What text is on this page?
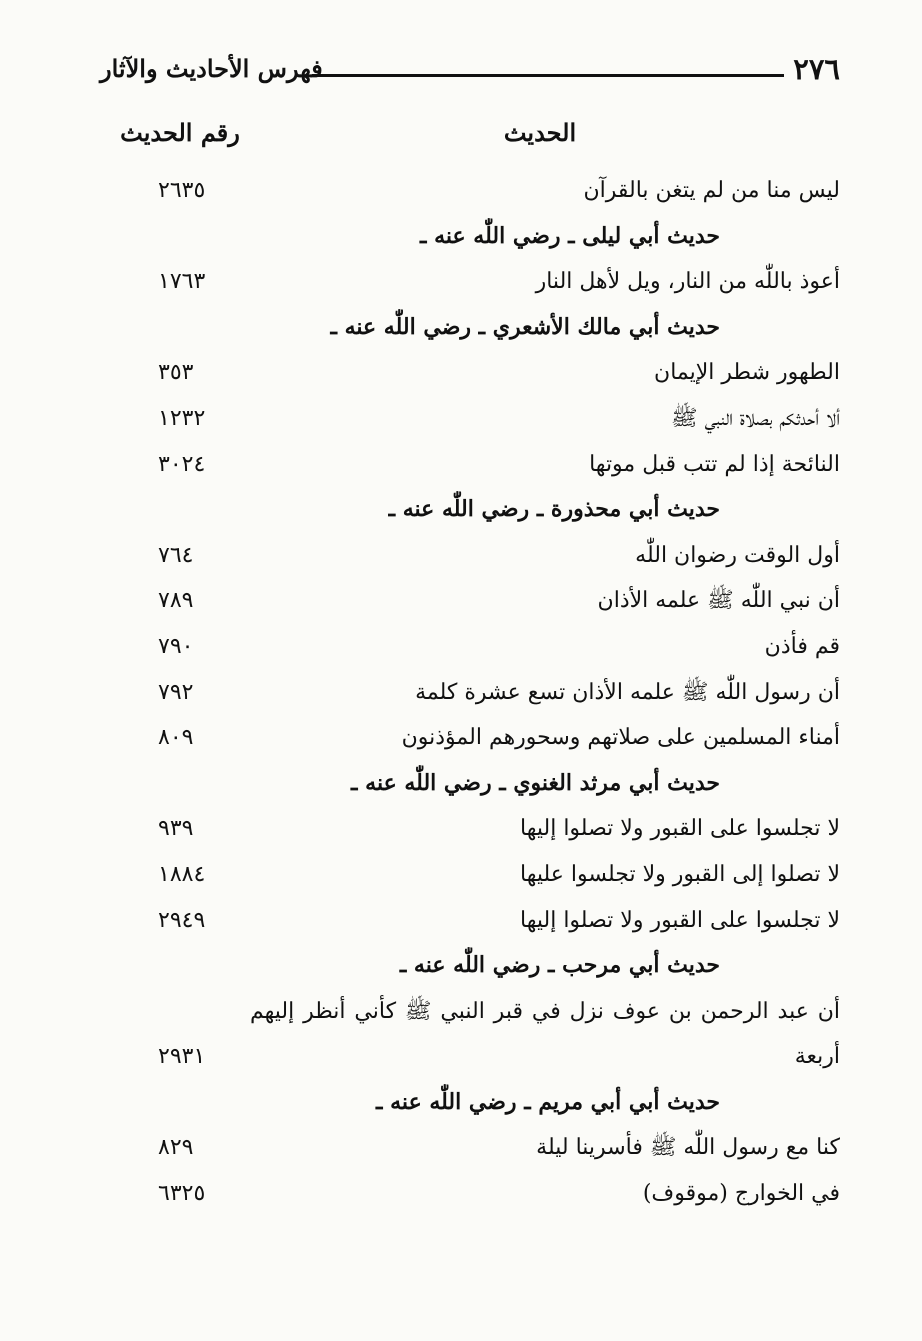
٢٧٦
فهرس الأحاديث والآثار
الحديث
رقم الحديث
ليس منا من لم يتغن بالقرآن
٢٦٣٥
حديث أبي ليلى ـ رضي اللّٰه عنه ـ
أعوذ باللّٰه من النار، ويل لأهل النار
١٧٦٣
حديث أبي مالك الأشعري ـ رضي اللّٰه عنه ـ
الطهور شطر الإيمان
٣٥٣
ألا أحدثكم بصلاة النبي ﷺ
١٢٣٢
النائحة إذا لم تتب قبل موتها
٣٠٢٤
حديث أبي محذورة ـ رضي اللّٰه عنه ـ
أول الوقت رضوان اللّٰه
٧٦٤
أن نبي اللّٰه ﷺ علمه الأذان
٧٨٩
قم فأذن
٧٩٠
أن رسول اللّٰه ﷺ علمه الأذان تسع عشرة كلمة
٧٩٢
أمناء المسلمين على صلاتهم وسحورهم المؤذنون
٨٠٩
حديث أبي مرثد الغنوي ـ رضي اللّٰه عنه ـ
لا تجلسوا على القبور ولا تصلوا إليها
٩٣٩
لا تصلوا إلى القبور ولا تجلسوا عليها
١٨٨٤
لا تجلسوا على القبور ولا تصلوا إليها
٢٩٤٩
حديث أبي مرحب ـ رضي اللّٰه عنه ـ
أن عبد الرحمن بن عوف نزل في قبر النبي ﷺ كأني أنظر إليهم أربعة
٢٩٣١
حديث أبي أبي مريم ـ رضي اللّٰه عنه ـ
كنا مع رسول اللّٰه ﷺ فأسرينا ليلة
٨٢٩
في الخوارج (موقوف)
٦٣٢٥
